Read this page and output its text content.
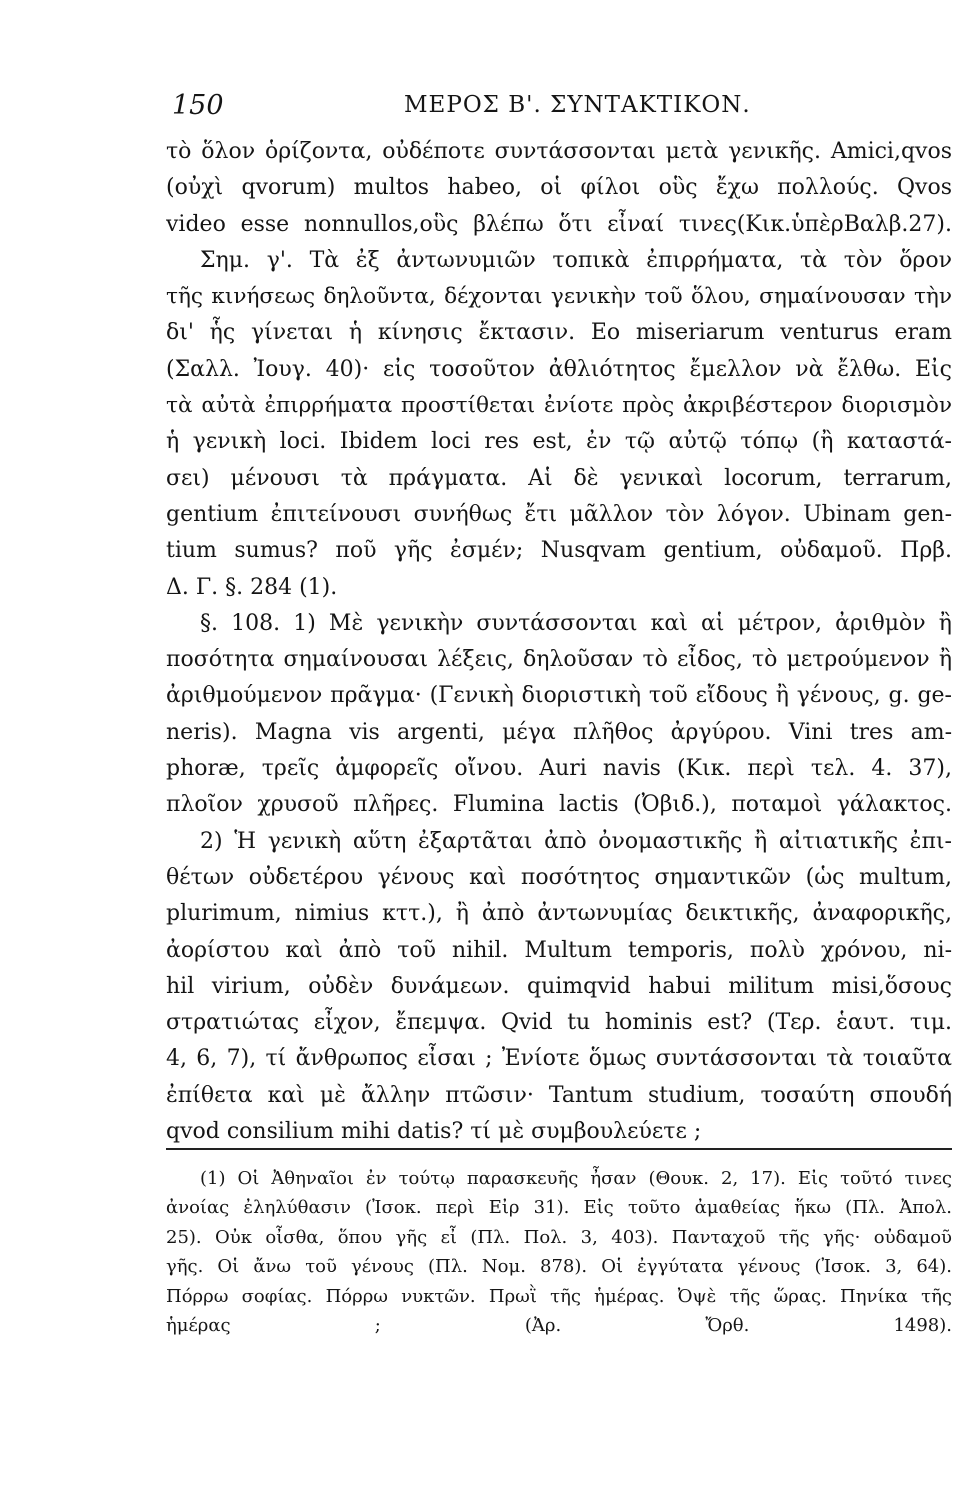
150	ΜΕΡΟΣ Β'. ΣΥΝΤΑΚΤΙΚΟΝ.
τὸ ὅλον ὁρίζοντα, οὐδέποτε συντάσσονται μετὰ γενικῆς. Amici,qvos
(οὐχὶ qvorum) multos habeo, οἱ φίλοι οὓς ἔχω πολλούς. Qvos
video esse nonnullos,οὓς βλέπω ὅτι εἶναί τινες(Κικ.ὑπὲρΒαλβ.27).
Σημ. γ'. Τὰ ἐξ ἀντωνυμιῶν τοπικὰ ἐπιρρήματα, τὰ τὸν ὅρον
τῆς κινήσεως δηλοῦντα, δέχονται γενικὴν τοῦ ὅλου, σημαίνουσαν τὴν
δι' ἧς γίνεται ἡ κίνησις ἔκτασιν. Eo miseriarum venturus eram
(Σαλλ. Ἰουγ. 40)· εἰς τοσοῦτον ἀθλιότητος ἔμελλον νὰ ἔλθω. Εἰς
τὰ αὐτὰ ἐπιρρήματα προστίθεται ἐνίοτε πρὸς ἀκριβέστερον διορισμὸν
ἡ γενικὴ loci. Ibidem loci res est, ἐν τῷ αὐτῷ τόπῳ (ἢ καταστά-
σει) μένουσι τὰ πράγματα. Αἱ δὲ γενικαὶ locorum, terrarum,
gentium ἐπιτείνουσι συνήθως ἔτι μᾶλλον τὸν λόγον. Ubinam gen-
tium sumus? ποῦ γῆς ἐσμέν; Nusqvam gentium, οὐδαμοῦ. Πρβ.
Δ. Γ. §. 284 (1).
§. 108. 1) Μὲ γενικὴν συντάσσονται καὶ αἱ μέτρον, ἀριθμὸν ἢ
ποσότητα σημαίνουσαι λέξεις, δηλοῦσαν τὸ εἶδος, τὸ μετρούμενον ἢ
ἀριθμούμενον πρᾶγμα· (Γενικὴ διοριστικὴ τοῦ εἴδους ἢ γένους, g. ge-
neris). Magna vis argenti, μέγα πλῆθος ἀργύρου. Vini tres am-
phoræ, τρεῖς ἀμφορεῖς οἴνου. Auri navis (Κικ. περὶ τελ. 4. 37),
πλοῖον χρυσοῦ πλῆρες. Flumina lactis (Ὀβιδ.), ποταμοὶ γάλακτος.
2) Ἡ γενικὴ αὕτη ἐξαρτᾶται ἀπὸ ὀνομαστικῆς ἢ αἰτιατικῆς ἐπι-
θέτων οὐδετέρου γένους καὶ ποσότητος σημαντικῶν (ὡς multum,
plurimum, nimius κττ.), ἢ ἀπὸ ἀντωνυμίας δεικτικῆς, ἀναφορικῆς,
ἀορίστου καὶ ἀπὸ τοῦ nihil. Multum temporis, πολὺ χρόνου, ni-
hil virium, οὐδὲν δυνάμεων. quimqvid habui militum misi,ὅσους
στρατιώτας εἶχον, ἔπεμψα. Qvid tu hominis est? (Τερ. ἑαυτ. τιμ.
4, 6, 7), τί ἄνθρωπος εἶσαι ; Ἐνίοτε ὅμως συντάσσονται τὰ τοιαῦτα
ἐπίθετα καὶ μὲ ἄλλην πτῶσιν· Tantum studium, τοσαύτη σπουδή
qvod consilium mihi datis? τί μὲ συμβουλεύετε ;
(1) Οἱ Ἀθηναῖοι ἐν τούτῳ παρασκευῆς ἦσαν (Θουκ. 2, 17). Εἰς τοῦτό τινες
ἀνοίας ἐληλύθασιν (Ἰσοκ. περὶ Εἰρ 31). Εἰς τοῦτο ἀμαθείας ἥκω (Πλ. Ἀπολ.
25). Οὐκ οἶσθα, ὅπου γῆς εἶ (Πλ. Πολ. 3, 403). Πανταχοῦ τῆς γῆς· οὐδαμοῦ
γῆς. Οἱ ἄνω τοῦ γένους (Πλ. Νομ. 878). Οἱ ἐγγύτατα γένους (Ἰσοκ. 3, 64).
Πόρρω σοφίας. Πόρρω νυκτῶν. Πρωῒ τῆς ἡμέρας. Ὀψὲ τῆς ὥρας. Πηνίκα τῆς
ἡμέρας ; (Ἀρ. Ὄρθ. 1498).
